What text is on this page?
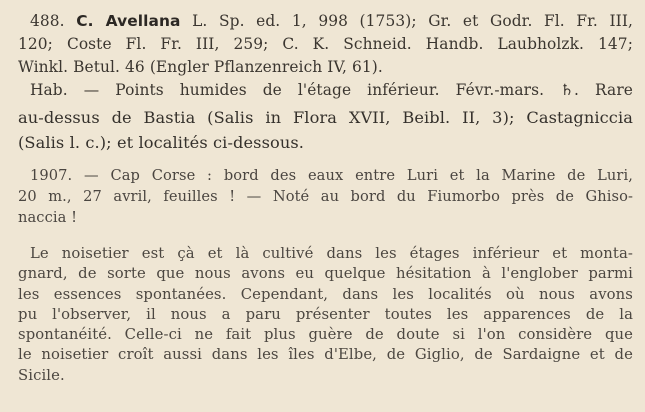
488. C. Avellana L. Sp. ed. 1, 998 (1753); Gr. et Godr. Fl. Fr. III,
120; Coste Fl. Fr. III, 259; C. K. Schneid. Handb. Laubholzk. 147;
Winkl. Betul. 46 (Engler Pflanzenreich IV, 61).
Hab. — Points humides de l'étage inférieur. Févr.-mars. ♄. Rare
au-dessus de Bastia (Salis in Flora XVII, Beibl. II, 3); Castagniccia
(Salis l. c.); et localités ci-dessous.
1907. — Cap Corse : bord des eaux entre Luri et la Marine de Luri,
20 m., 27 avril, feuilles ! — Noté au bord du Fiumorbo près de Ghiso-
naccia !
Le noisetier est çà et là cultivé dans les étages inférieur et monta-
gnard, de sorte que nous avons eu quelque hésitation à l'englober parmi
les essences spontanées. Cependant, dans les localités où nous avons
pu l'observer, il nous a paru présenter toutes les apparences de la
spontanéité. Celle-ci ne fait plus guère de doute si l'on considère que
le noisetier croît aussi dans les îles d'Elbe, de Giglio, de Sardaigne et de
Sicile.
